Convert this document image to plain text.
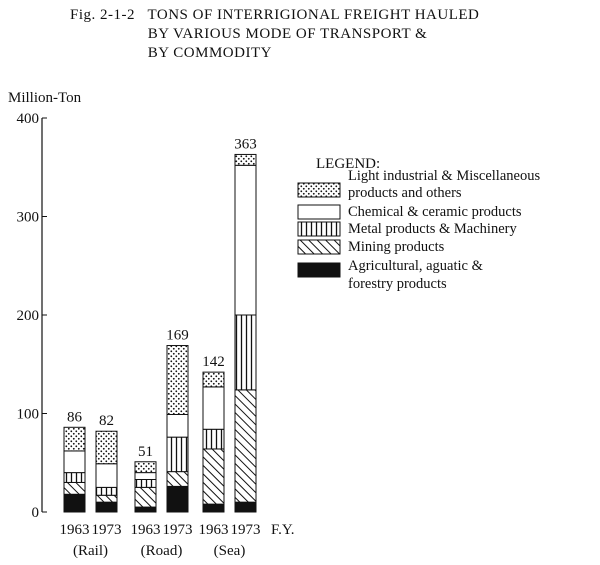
Fig. 2-1-2 TONS OF INTERRIGIONAL FREIGHT HAULED
BY VARIOUS MODE OF TRANSPORT &
BY COMMODITY
0
100
200
300
400
Million-Ton
86 82
51
169
142
363
1963 1973 1963 1973 1963 1973
(Rail) (Road) (Sea)
F.Y.
LEGEND:
Light industrial & Miscellaneous
products and others
Chemical & ceramic products
Metal products & Machinery
Mining products
Agricultural, aguatic &
forestry products
